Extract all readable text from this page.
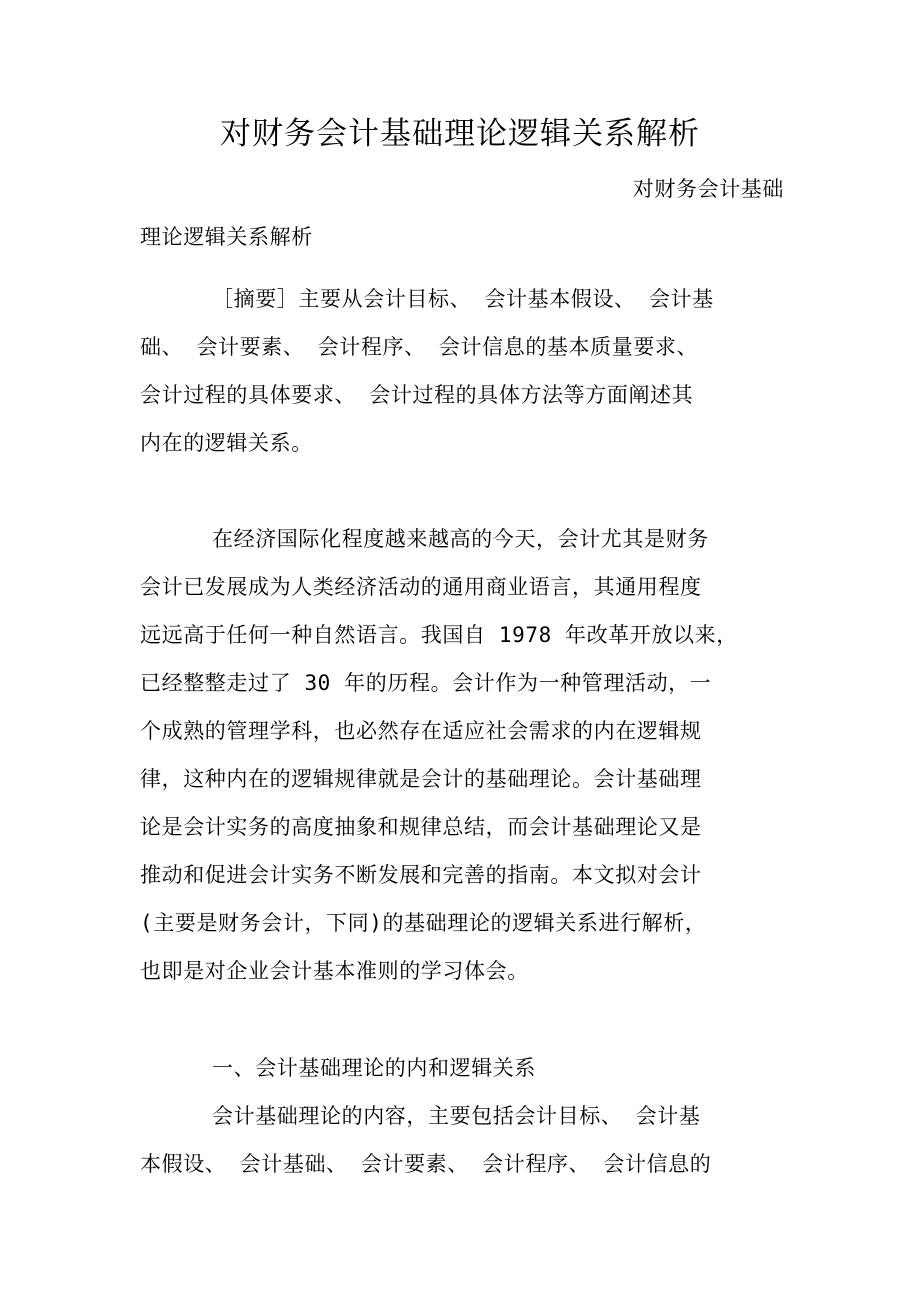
对财务会计基础理论逻辑关系解析
对财务会计基础
理论逻辑关系解析
［摘要］主要从会计目标、 会计基本假设、 会计基
础、 会计要素、 会计程序、 会计信息的基本质量要求、
会计过程的具体要求、 会计过程的具体方法等方面阐述其
内在的逻辑关系。
在经济国际化程度越来越高的今天，会计尤其是财务
会计已发展成为人类经济活动的通用商业语言，其通用程度
远远高于任何一种自然语言。我国自 1978 年改革开放以来，
已经整整走过了 30 年的历程。会计作为一种管理活动，一
个成熟的管理学科，也必然存在适应社会需求的内在逻辑规
律，这种内在的逻辑规律就是会计的基础理论。会计基础理
论是会计实务的高度抽象和规律总结，而会计基础理论又是
推动和促进会计实务不断发展和完善的指南。本文拟对会计
(主要是财务会计，下同)的基础理论的逻辑关系进行解析，
也即是对企业会计基本准则的学习体会。
一、会计基础理论的内和逻辑关系
会计基础理论的内容，主要包括会计目标、 会计基
本假设、 会计基础、 会计要素、 会计程序、 会计信息的
